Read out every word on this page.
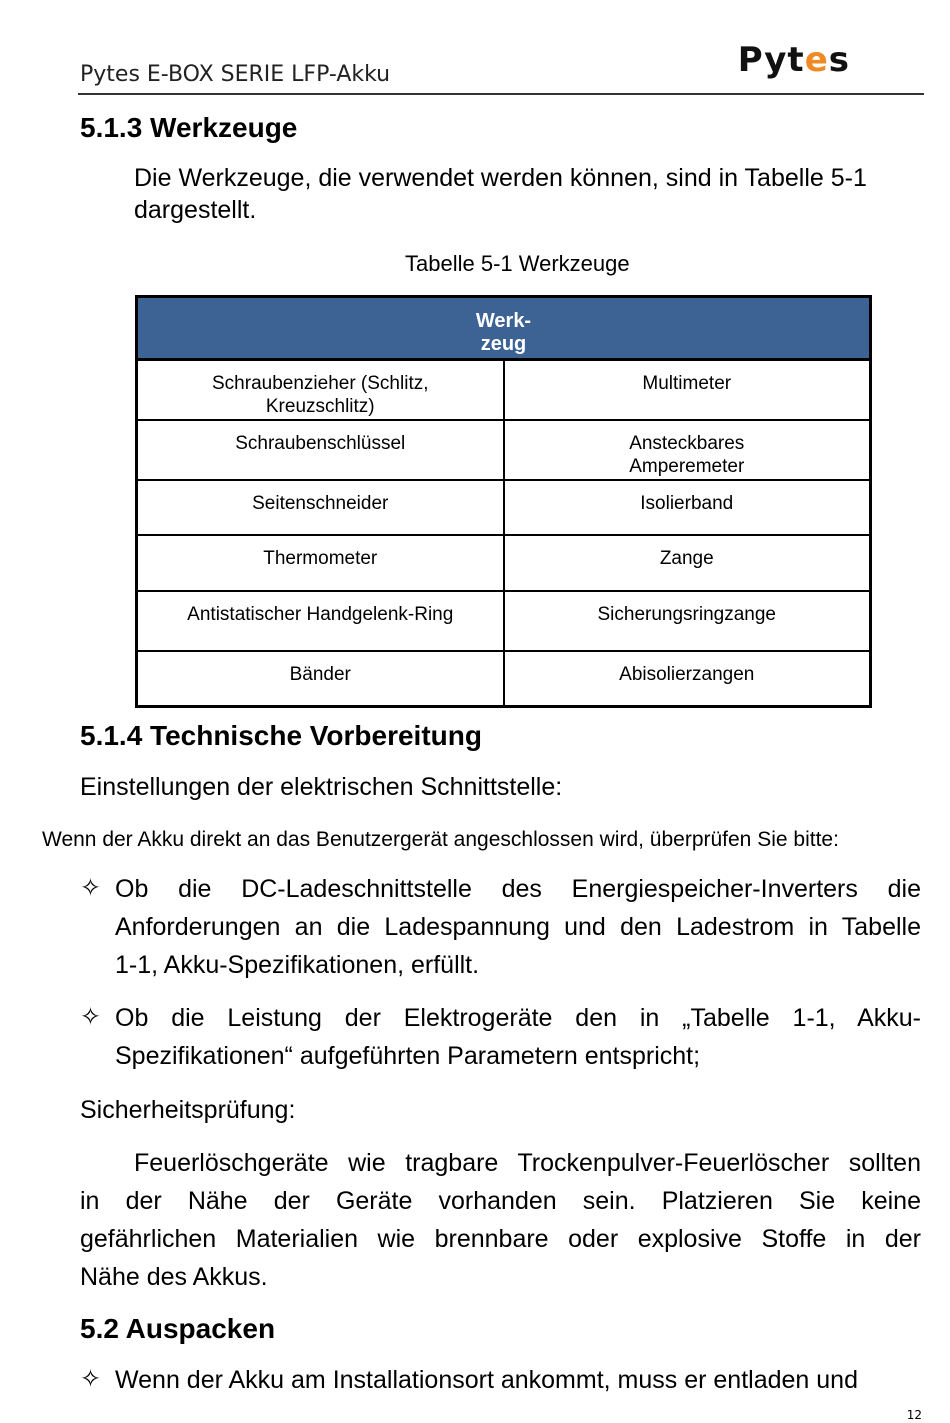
Pytes E-BOX SERIE LFP-Akku	Pytes
5.1.3 Werkzeuge
Die Werkzeuge, die verwendet werden können, sind in Tabelle 5-1
dargestellt.
Tabelle 5-1 Werkzeuge
Werk-zeug	

Schraubenzieher (Schlitz, Kreuzschlitz)	Multimeter
Schraubenschlüssel	Ansteckbares Amperemeter
Seitenschneider	Isolierband
Thermometer	Zange
Antistatischer Handgelenk-Ring	Sicherungsringzange
Bänder	Abisolierzangen
5.1.4 Technische Vorbereitung
Einstellungen der elektrischen Schnittstelle:
Wenn der Akku direkt an das Benutzergerät angeschlossen wird, überprüfen Sie bitte:
✧ Ob die DC-Ladeschnittstelle des Energiespeicher-Inverters die
Anforderungen an die Ladespannung und den Ladestrom in Tabelle
1-1, Akku-Spezifikationen, erfüllt.
✧ Ob die Leistung der Elektrogeräte den in „Tabelle 1-1, Akku-
Spezifikationen“ aufgeführten Parametern entspricht;
Sicherheitsprüfung:
Feuerlöschgeräte wie tragbare Trockenpulver-Feuerlöscher sollten
in der Nähe der Geräte vorhanden sein. Platzieren Sie keine
gefährlichen Materialien wie brennbare oder explosive Stoffe in der
Nähe des Akkus.
5.2 Auspacken
✧ Wenn der Akku am Installationsort ankommt, muss er entladen und
12
